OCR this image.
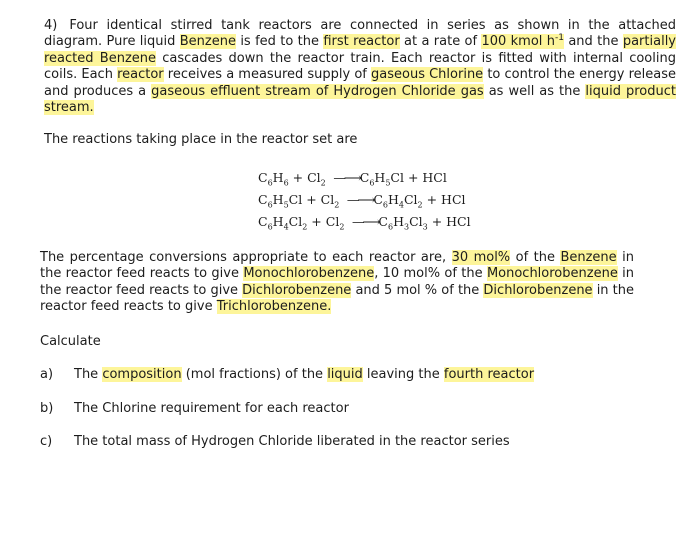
4) Four identical stirred tank reactors are connected in series as shown in the attached diagram. Pure liquid Benzene is fed to the first reactor at a rate of 100 kmol $h^{-1}$ and the partially reacted Benzene cascades down the reactor train. Each reactor is fitted with internal cooling coils. Each reactor receives a measured supply of gaseous Chlorine to control the energy release and produces a gaseous effluent stream of Hydrogen Chloride gas as well as the liquid product stream.
The reactions taking place in the reactor set are
$C_6H_6 + Cl_2$ $—⟶C_6H_5Cl$ + HCl
$C_6H_5Cl + Cl_2$ $—⟶C_6H_4Cl_2$ + HCl
$C_6H_4Cl_2 + Cl_2$ $—⟶C_6H_3Cl_3$ + HCl
The percentage conversions appropriate to each reactor are, 30 mol% of the Benzene in the reactor feed reacts to give Monochlorobenzene, 10 mol% of the Monochlorobenzene in the reactor feed reacts to give Dichlorobenzene and 5 mol % of the Dichlorobenzene in the reactor feed reacts to give Trichlorobenzene.
Calculate
a) The composition (mol fractions) of the liquid leaving the fourth reactor
b) The Chlorine requirement for each reactor
c) The total mass of Hydrogen Chloride liberated in the reactor series
